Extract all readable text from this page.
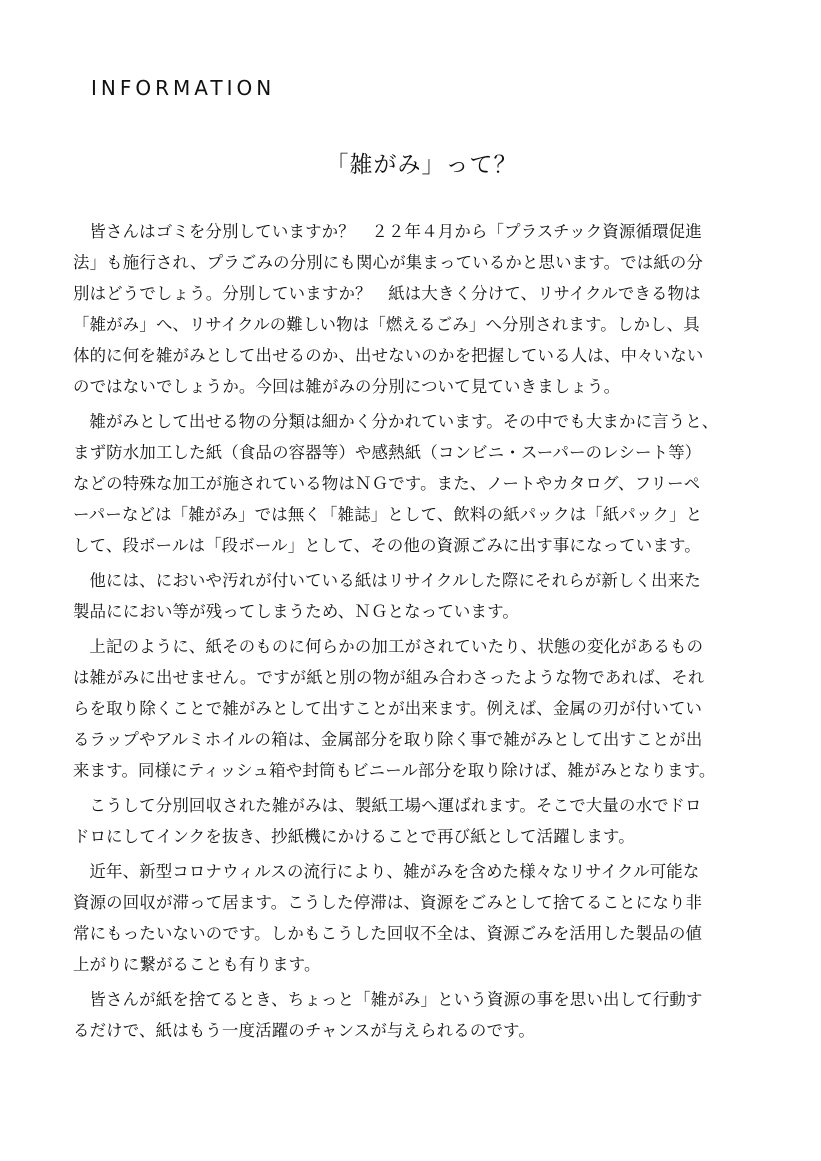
INFORMATION
「雑がみ」って？

皆さんはゴミを分別していますか？　２２年４月から「プラスチック資源循環促進
法」も施行され、プラごみの分別にも関心が集まっているかと思います。では紙の分
別はどうでしょう。分別していますか？　紙は大きく分けて、リサイクルできる物は
「雑がみ」へ、リサイクルの難しい物は「燃えるごみ」へ分別されます。しかし、具
体的に何を雑がみとして出せるのか、出せないのかを把握している人は、中々いない
のではないでしょうか。今回は雑がみの分別について見ていきましょう。

雑がみとして出せる物の分類は細かく分かれています。その中でも大まかに言うと、
まず防水加工した紙（食品の容器等）や感熱紙（コンビニ・スーパーのレシート等）
などの特殊な加工が施されている物はＮＧです。また、ノートやカタログ、フリーペ
ーパーなどは「雑がみ」では無く「雑誌」として、飲料の紙パックは「紙パック」と
して、段ボールは「段ボール」として、その他の資源ごみに出す事になっています。

他には、においや汚れが付いている紙はリサイクルした際にそれらが新しく出来た
製品ににおい等が残ってしまうため、ＮＧとなっています。

上記のように、紙そのものに何らかの加工がされていたり、状態の変化があるもの
は雑がみに出せません。ですが紙と別の物が組み合わさったような物であれば、それ
らを取り除くことで雑がみとして出すことが出来ます。例えば、金属の刃が付いてい
るラップやアルミホイルの箱は、金属部分を取り除く事で雑がみとして出すことが出
来ます。同様にティッシュ箱や封筒もビニール部分を取り除けば、雑がみとなります。

こうして分別回収された雑がみは、製紙工場へ運ばれます。そこで大量の水でドロ
ドロにしてインクを抜き、抄紙機にかけることで再び紙として活躍します。

近年、新型コロナウィルスの流行により、雑がみを含めた様々なリサイクル可能な
資源の回収が滞って居ます。こうした停滞は、資源をごみとして捨てることになり非
常にもったいないのです。しかもこうした回収不全は、資源ごみを活用した製品の値
上がりに繋がることも有ります。

皆さんが紙を捨てるとき、ちょっと「雑がみ」という資源の事を思い出して行動す
るだけで、紙はもう一度活躍のチャンスが与えられるのです。
